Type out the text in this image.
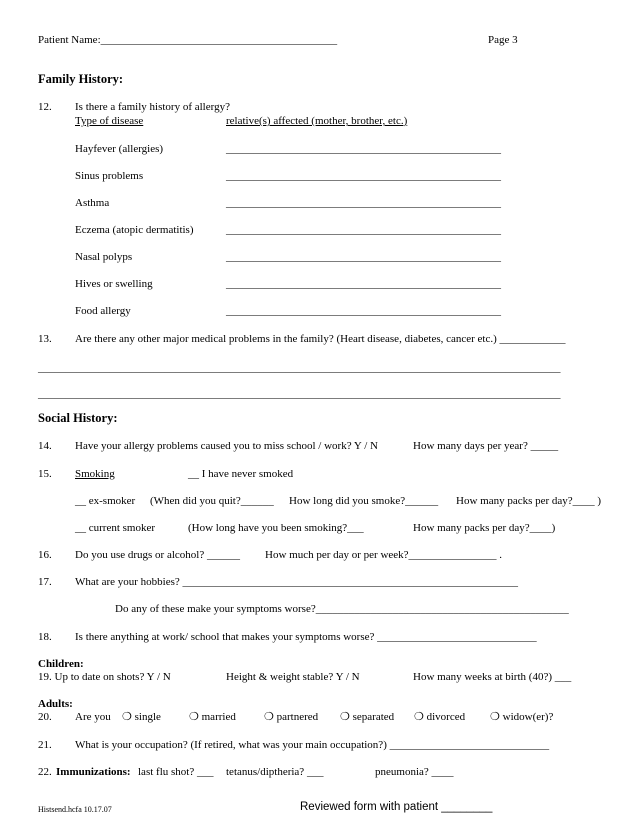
Patient Name:___________________________________________	Page 3
Family History:
12. Is there a family history of allergy?
Type of disease	relative(s) affected (mother, brother, etc.)
Hayfever (allergies)	__________________________________________________
Sinus problems	__________________________________________________
Asthma	__________________________________________________
Eczema (atopic dermatitis)	__________________________________________________
Nasal polyps	__________________________________________________
Hives or swelling	__________________________________________________
Food allergy	__________________________________________________
13. Are there any other major medical problems in the family? (Heart disease, diabetes, cancer etc.) ____________
_______________________________________________________________________________________________
_______________________________________________________________________________________________
Social History:
14. Have your allergy problems caused you to miss school / work? Y / N	How many days per year? _____
15. Smoking	__ I have never smoked
__ ex-smoker (When did you quit?______ How long did you smoke?______ How many packs per day?____ )
__ current smoker	(How long have you been smoking?___	How many packs per day?____)
16. Do you use drugs or alcohol? ______ How much per day or per week?________________ .
17. What are your hobbies? _____________________________________________________________
Do any of these make your symptoms worse?______________________________________________
18. Is there anything at work/ school that makes your symptoms worse? _____________________________
Children:
19. Up to date on shots? Y / N	Height & weight stable? Y / N	How many weeks at birth (40?) ___
Adults:
20. Are you ❍ single	❍ married	❍ partnered ❍ separated ❍ divorced ❍ widow(er)?
21. What is your occupation? (If retired, what was your main occupation?) _____________________________
22. Immunizations: last flu shot? ___ tetanus/diptheria? ___	pneumonia? ____
Histsend.hcfa 10.17.07	Reviewed form with patient ________
